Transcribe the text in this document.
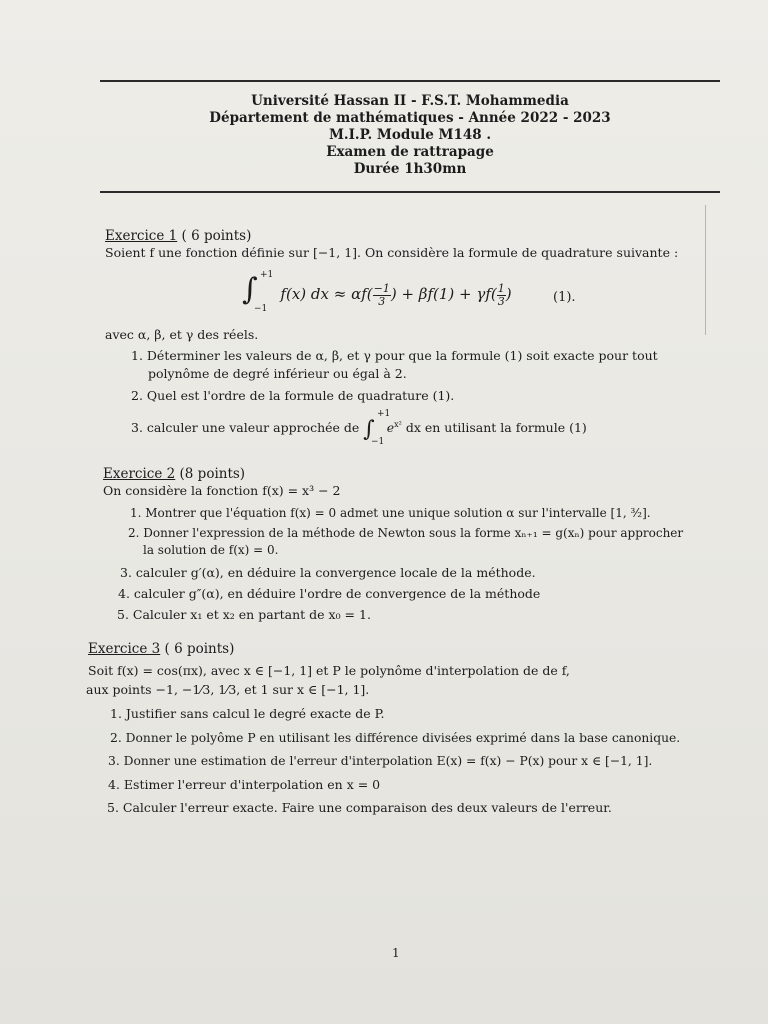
Université Hassan II - F.S.T. Mohammedia
Département de mathématiques - Année 2022 - 2023
M.I.P. Module M148 .
Examen de rattrapage
Durée 1h30mn
Exercice 1 ( 6 points)
Soient f une fonction définie sur [−1, 1]. On considère la formule de quadrature suivante :
∫ +1
−1
f(x) dx ≈ $\alpha f( \frac{-1}{3}$ ) + $\beta f(1) + \gamma f( \frac{1}{3}$ )	(1).
avec α, β, et γ des réels.
1. Déterminer les valeurs de α, β, et γ pour que la formule (1) soit exacte pour tout
polynôme de degré inférieur ou égal à 2.
2. Quel est l'ordre de la formule de quadrature (1).
3. calculer une valeur approchée de ∫
+1
−1
$e^{x^2}$ dx en utilisant la formule (1)
Exercice 2 (8 points)
On considère la fonction f(x) = x³ − 2
1. Montrer que l'équation f(x) = 0 admet une unique solution α sur l'intervalle [1, ³⁄₂].
2. Donner l'expression de la méthode de Newton sous la forme xₙ₊₁ = g(xₙ) pour approcher
la solution de f(x) = 0.
3. calculer g′(α), en déduire la convergence locale de la méthode.
4. calculer g″(α), en déduire l'ordre de convergence de la méthode
5. Calculer x₁ et x₂ en partant de x₀ = 1.
Exercice 3 ( 6 points)
Soit f(x) = cos(πx), avec x ∈ [−1, 1] et P le polynôme d'interpolation de de f,
aux points −1, −1⁄3, 1⁄3, et 1 sur x ∈ [−1, 1].
1. Justifier sans calcul le degré exacte de P.
2. Donner le polyôme P en utilisant les différence divisées exprimé dans la base canonique.
3. Donner une estimation de l'erreur d'interpolation E(x) = f(x) − P(x) pour x ∈ [−1, 1].
4. Estimer l'erreur d'interpolation en x = 0
5. Calculer l'erreur exacte. Faire une comparaison des deux valeurs de l'erreur.
1
